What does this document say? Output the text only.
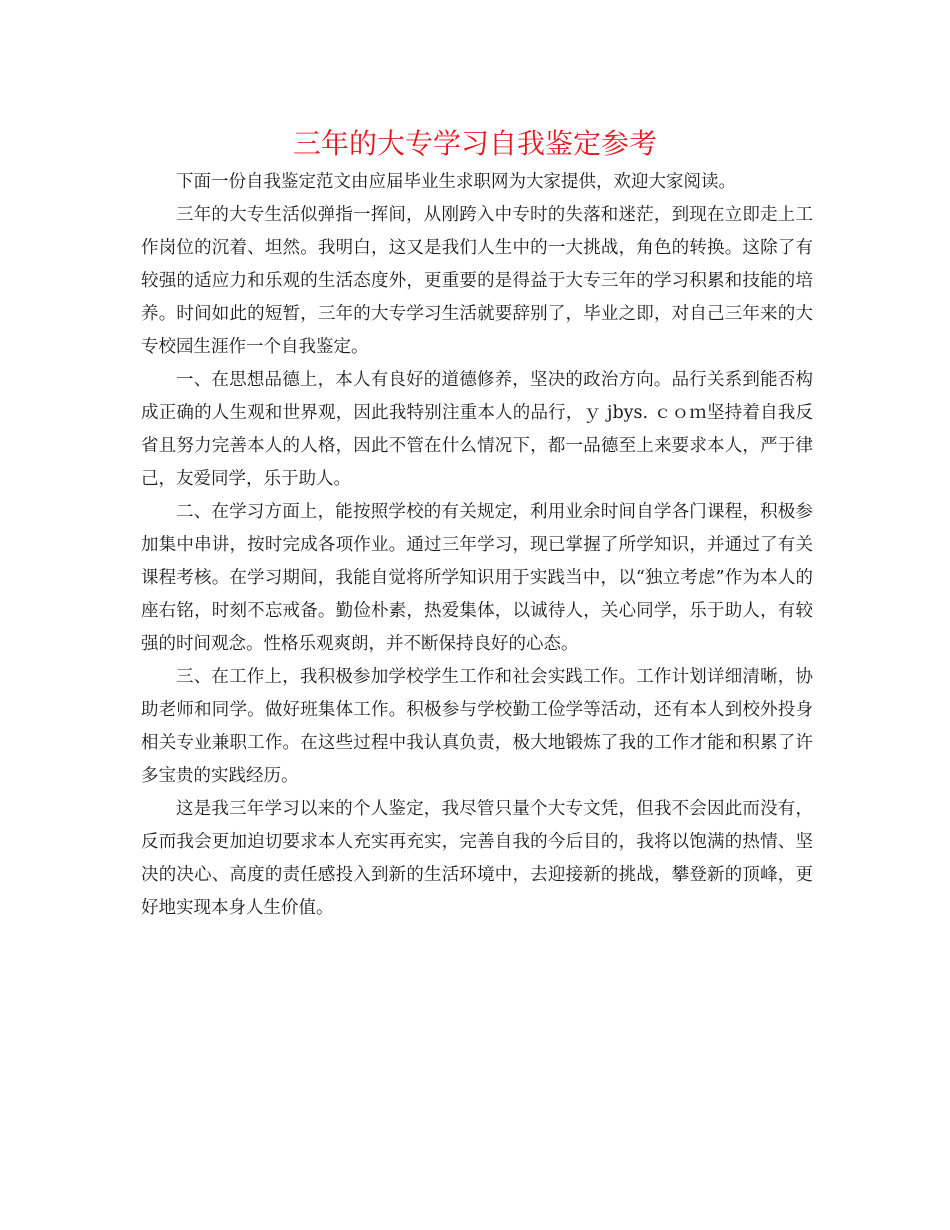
三年的大专学习自我鉴定参考

下面一份自我鉴定范文由应届毕业生求职网为大家提供，欢迎大家阅读。

三年的大专生活似弹指一挥间，从刚跨入中专时的失落和迷茫，到现在立即走上工作岗位的沉着、坦然。我明白，这又是我们人生中的一大挑战，角色的转换。这除了有较强的适应力和乐观的生活态度外，更重要的是得益于大专三年的学习积累和技能的培养。时间如此的短暂，三年的大专学习生活就要辞别了，毕业之即，对自己三年来的大专校园生涯作一个自我鉴定。

一、在思想品德上，本人有良好的道德修养，坚决的政治方向。品行关系到能否构成正确的人生观和世界观，因此我特别注重本人的品行，ｙ jbys. ｃｏｍ坚持着自我反省且努力完善本人的人格，因此不管在什么情况下，都一品德至上来要求本人，严于律己，友爱同学，乐于助人。

二、在学习方面上，能按照学校的有关规定，利用业余时间自学各门课程，积极参加集中串讲，按时完成各项作业。通过三年学习，现已掌握了所学知识，并通过了有关课程考核。在学习期间，我能自觉将所学知识用于实践当中，以“独立考虑”作为本人的座右铭，时刻不忘戒备。勤俭朴素，热爱集体，以诚待人，关心同学，乐于助人，有较强的时间观念。性格乐观爽朗，并不断保持良好的心态。

三、在工作上，我积极参加学校学生工作和社会实践工作。工作计划详细清晰，协助老师和同学。做好班集体工作。积极参与学校勤工俭学等活动，还有本人到校外投身相关专业兼职工作。在这些过程中我认真负责，极大地锻炼了我的工作才能和积累了许多宝贵的实践经历。

这是我三年学习以来的个人鉴定，我尽管只量个大专文凭，但我不会因此而没有，反而我会更加迫切要求本人充实再充实，完善自我的今后目的，我将以饱满的热情、坚决的决心、高度的责任感投入到新的生活环境中，去迎接新的挑战，攀登新的顶峰，更好地实现本身人生价值。
